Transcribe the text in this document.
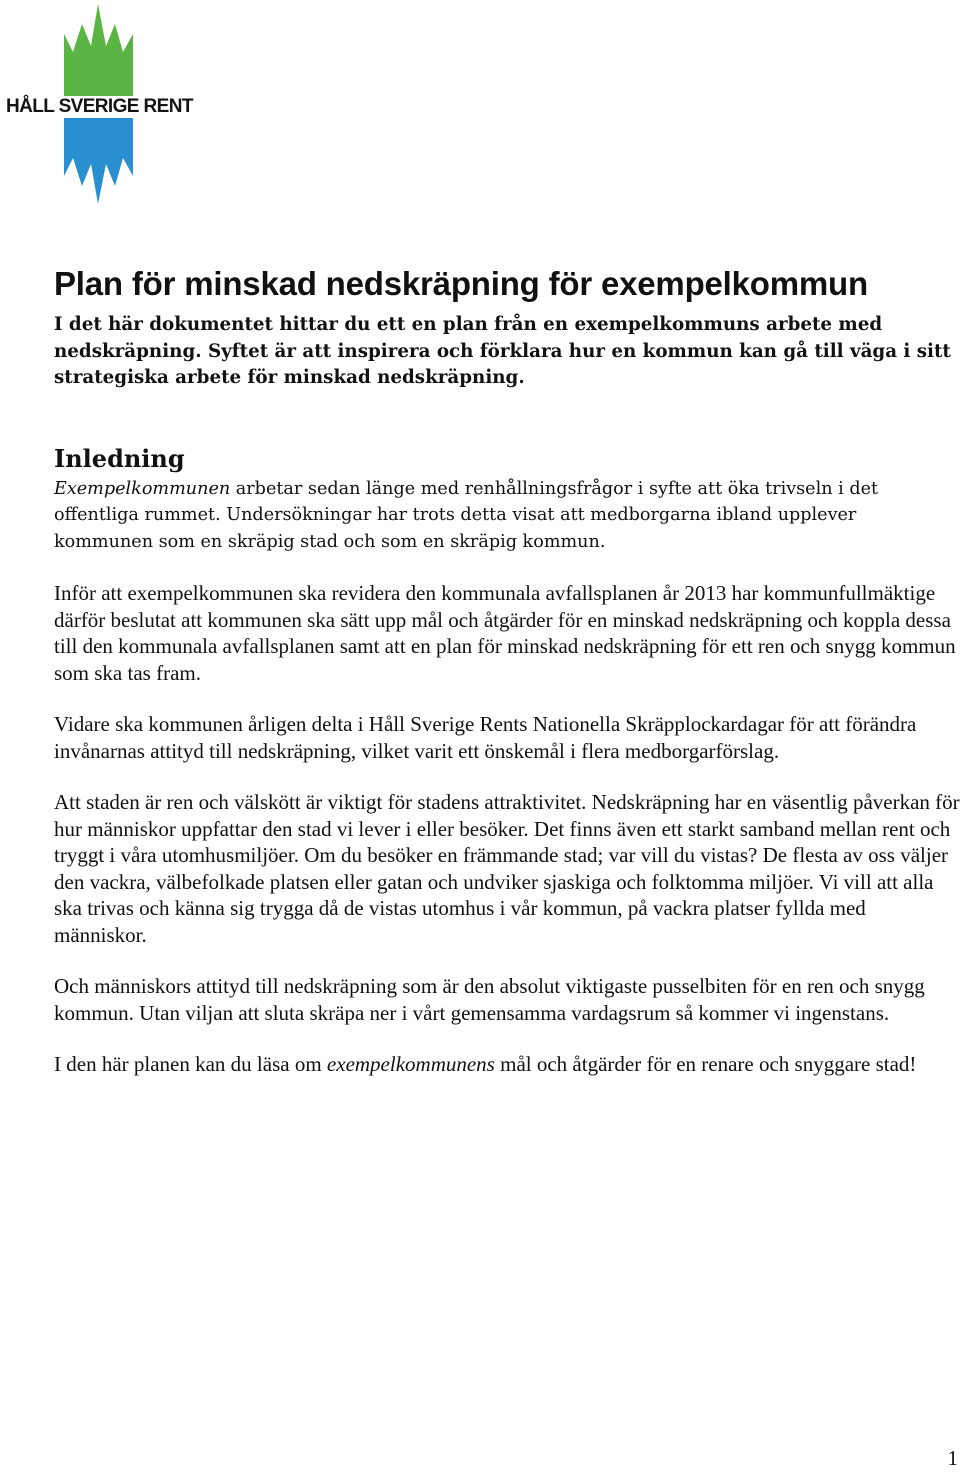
HÅLL SVERIGE RENT
Plan för minskad nedskräpning för exempelkommun

I det här dokumentet hittar du ett en plan från en exempelkommuns arbete med nedskräpning. Syftet är att inspirera och förklara hur en kommun kan gå till väga i sitt strategiska arbete för minskad nedskräpning.

Inledning

Exempelkommunen arbetar sedan länge med renhållningsfrågor i syfte att öka trivseln i det offentliga rummet. Undersökningar har trots detta visat att medborgarna ibland upplever kommunen som en skräpig stad och som en skräpig kommun.

Inför att exempelkommunen ska revidera den kommunala avfallsplanen år 2013 har kommunfullmäktige därför beslutat att kommunen ska sätt upp mål och åtgärder för en minskad nedskräpning och koppla dessa till den kommunala avfallsplanen samt att en plan för minskad nedskräpning för ett ren och snygg kommun som ska tas fram.

Vidare ska kommunen årligen delta i Håll Sverige Rents Nationella Skräpplockardagar för att förändra invånarnas attityd till nedskräpning, vilket varit ett önskemål i flera medborgarförslag.

Att staden är ren och välskött är viktigt för stadens attraktivitet. Nedskräpning har en väsentlig påverkan för hur människor uppfattar den stad vi lever i eller besöker. Det finns även ett starkt samband mellan rent och tryggt i våra utomhusmiljöer. Om du besöker en främmande stad; var vill du vistas? De flesta av oss väljer den vackra, välbefolkade platsen eller gatan och undviker sjaskiga och folktomma miljöer. Vi vill att alla ska trivas och känna sig trygga då de vistas utomhus i vår kommun, på vackra platser fyllda med människor.

Och människors attityd till nedskräpning som är den absolut viktigaste pusselbiten för en ren och snygg kommun. Utan viljan att sluta skräpa ner i vårt gemensamma vardagsrum så kommer vi ingenstans.

I den här planen kan du läsa om exempelkommunens mål och åtgärder för en renare och snyggare stad!

1
